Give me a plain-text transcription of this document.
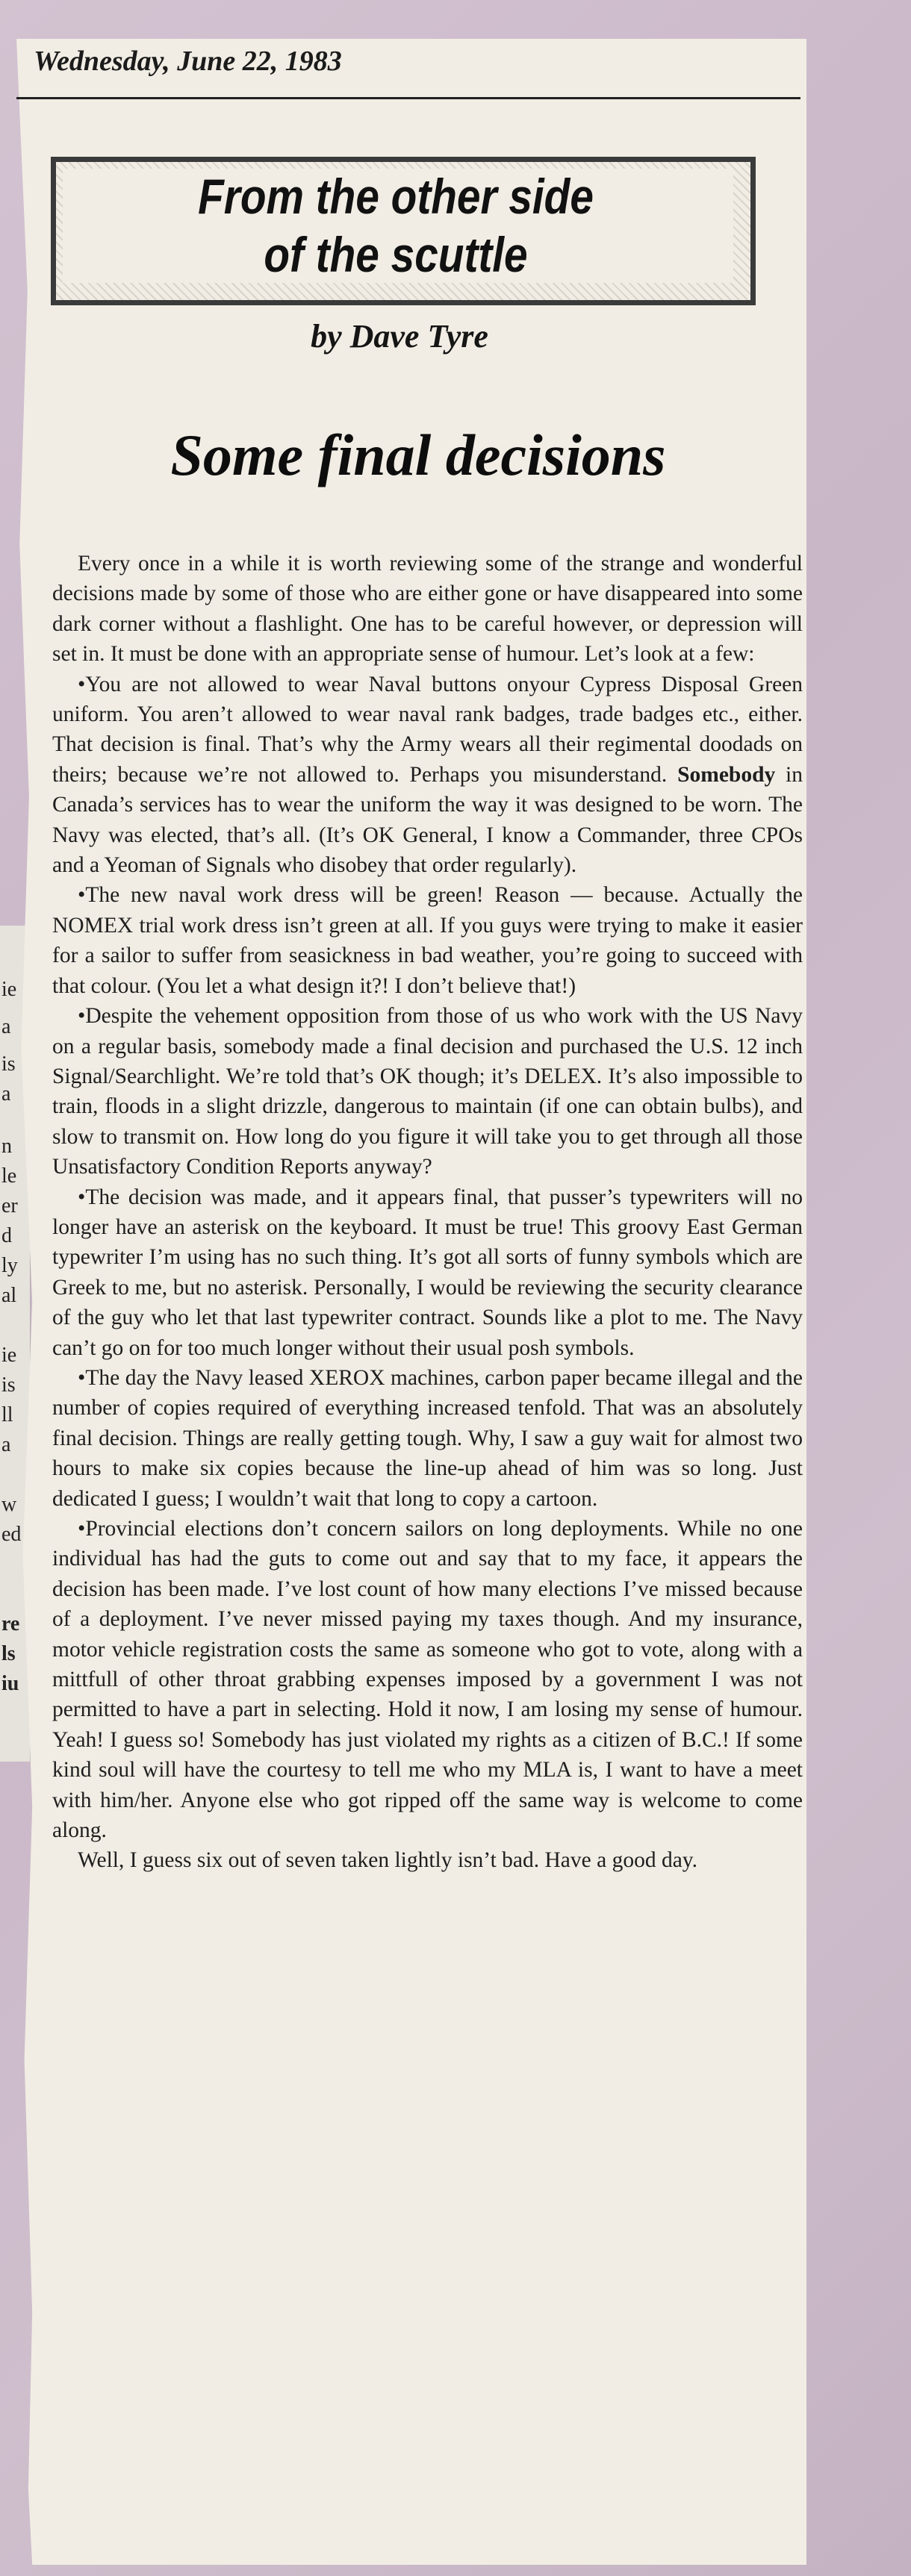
ie
a
is
a
n
le
er
d
ly
al
ie
is
ll
a
w
ed
re
ls
iu
Wednesday, June 22, 1983
From the other side
of the scuttle
by Dave Tyre
Some final decisions

Every once in a while it is worth reviewing some of the strange and wonderful decisions made by some of those who are either gone or have disappeared into some dark corner without a flashlight. One has to be careful however, or depression will set in. It must be done with an appropriate sense of humour. Let’s look at a few:

•You are not allowed to wear Naval buttons onyour Cypress Disposal Green uniform. You aren’t allowed to wear naval rank badges, trade badges etc., either. That decision is final. That’s why the Army wears all their regimental doodads on theirs; because we’re not allowed to. Perhaps you misunderstand. Somebody in Canada’s services has to wear the uniform the way it was designed to be worn. The Navy was elected, that’s all. (It’s OK General, I know a Commander, three CPOs and a Yeoman of Signals who disobey that order regularly).

•The new naval work dress will be green! Reason — because. Actually the NOMEX trial work dress isn’t green at all. If you guys were trying to make it easier for a sailor to suffer from seasickness in bad weather, you’re going to succeed with that colour. (You let a what design it?! I don’t believe that!)

•Despite the vehement opposition from those of us who work with the US Navy on a regular basis, somebody made a final decision and purchased the U.S. 12 inch Signal/Searchlight. We’re told that’s OK though; it’s DELEX. It’s also impossible to train, floods in a slight drizzle, dangerous to maintain (if one can obtain bulbs), and slow to transmit on. How long do you figure it will take you to get through all those Unsatisfactory Condition Reports anyway?

•The decision was made, and it appears final, that pusser’s typewriters will no longer have an asterisk on the keyboard. It must be true! This groovy East German typewriter I’m using has no such thing. It’s got all sorts of funny symbols which are Greek to me, but no asterisk. Personally, I would be reviewing the security clearance of the guy who let that last typewriter contract. Sounds like a plot to me. The Navy can’t go on for too much longer without their usual posh symbols.

•The day the Navy leased XEROX machines, carbon paper became illegal and the number of copies required of everything increased tenfold. That was an absolutely final decision. Things are really getting tough. Why, I saw a guy wait for almost two hours to make six copies because the line-up ahead of him was so long. Just dedicated I guess; I wouldn’t wait that long to copy a cartoon.

•Provincial elections don’t concern sailors on long deployments. While no one individual has had the guts to come out and say that to my face, it appears the decision has been made. I’ve lost count of how many elections I’ve missed because of a deployment. I’ve never missed paying my taxes though. And my insurance, motor vehicle registration costs the same as someone who got to vote, along with a mittfull of other throat grabbing expenses imposed by a government I was not permitted to have a part in selecting. Hold it now, I am losing my sense of humour. Yeah! I guess so! Somebody has just violated my rights as a citizen of B.C.! If some kind soul will have the courtesy to tell me who my MLA is, I want to have a meet with him/her. Anyone else who got ripped off the same way is welcome to come along.

Well, I guess six out of seven taken lightly isn’t bad. Have a good day.
